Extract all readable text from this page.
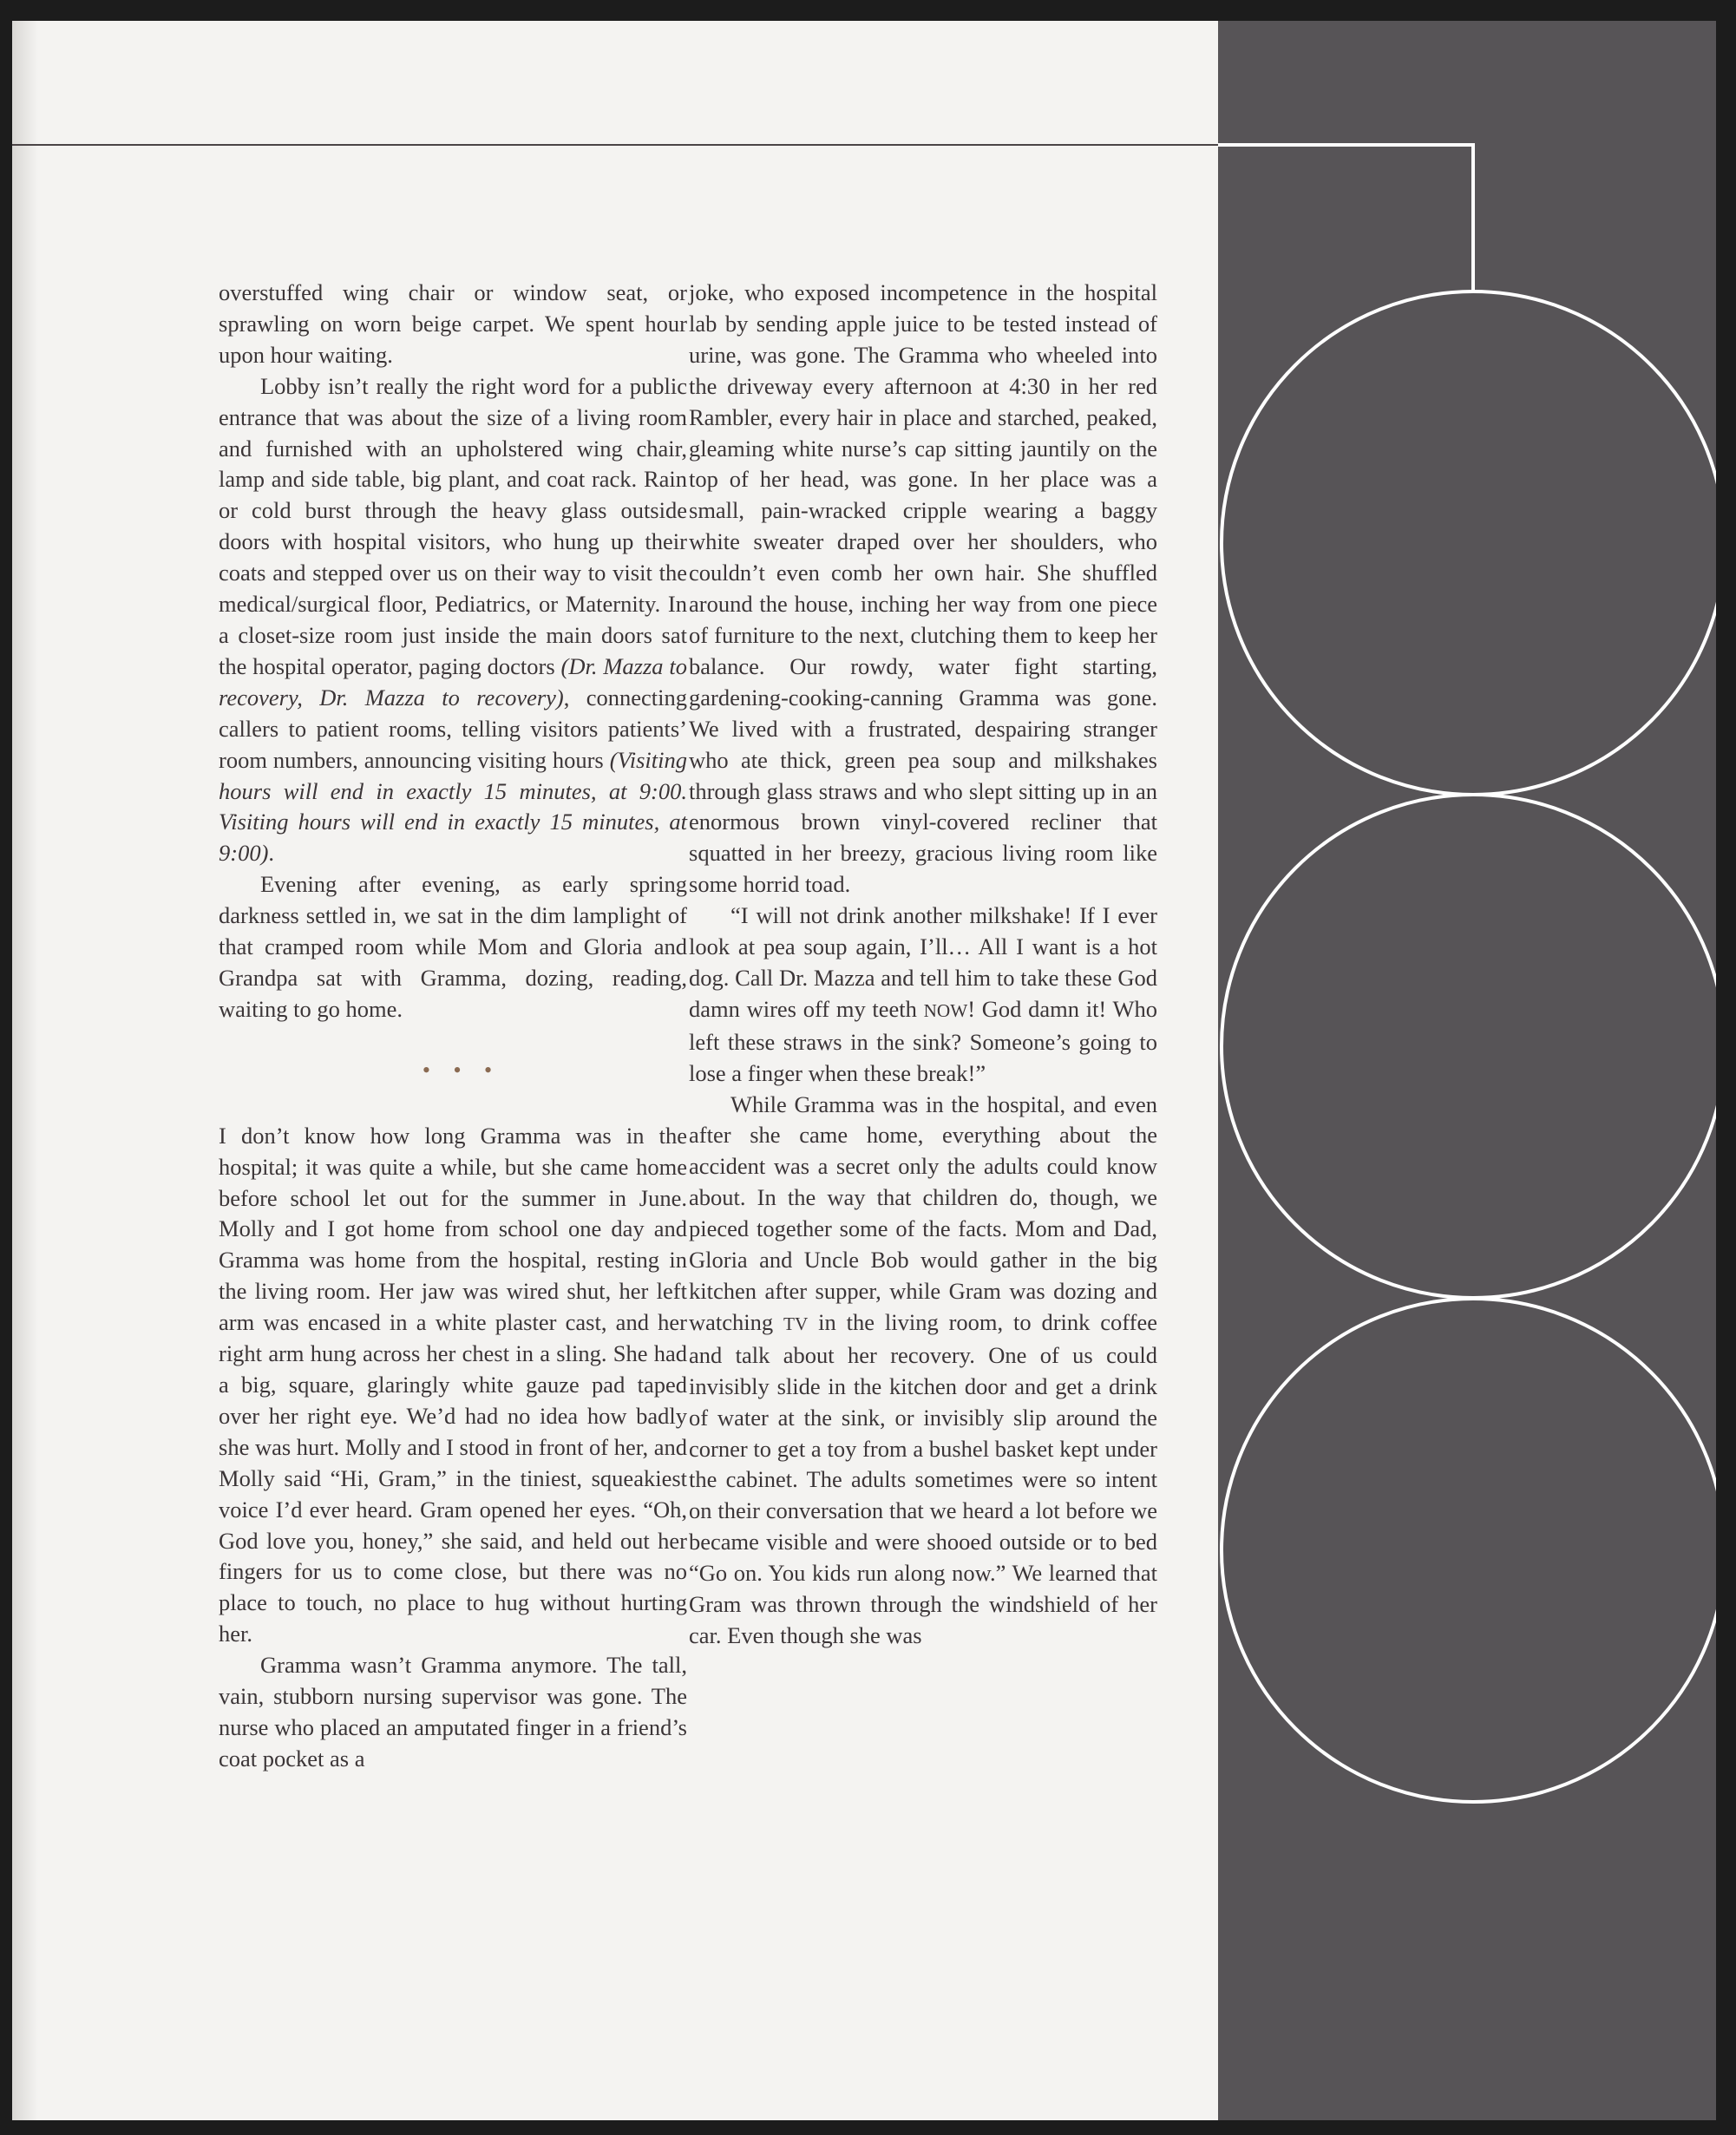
overstuffed wing chair or window seat, or sprawling on worn beige carpet. We spent hour upon hour waiting.

Lobby isn’t really the right word for a public entrance that was about the size of a living room and furnished with an upholstered wing chair, lamp and side table, big plant, and coat rack. Rain or cold burst through the heavy glass outside doors with hospital visitors, who hung up their coats and stepped over us on their way to visit the medical/surgical floor, Pediatrics, or Maternity. In a closet-size room just inside the main doors sat the hospital operator, paging doctors (Dr. Mazza to recovery, Dr. Mazza to recovery), connecting callers to patient rooms, telling visitors patients’ room numbers, announcing visiting hours (Visiting hours will end in exactly 15 minutes, at 9:00. Visiting hours will end in exactly 15 minutes, at 9:00).

Evening after evening, as early spring darkness settled in, we sat in the dim lamplight of that cramped room while Mom and Gloria and Grandpa sat with Gramma, dozing, reading, waiting to go home.

• • •

I don’t know how long Gramma was in the hospital; it was quite a while, but she came home before school let out for the summer in June. Molly and I got home from school one day and Gramma was home from the hospital, resting in the living room. Her jaw was wired shut, her left arm was encased in a white plaster cast, and her right arm hung across her chest in a sling. She had a big, square, glaringly white gauze pad taped over her right eye. We’d had no idea how badly she was hurt. Molly and I stood in front of her, and Molly said “Hi, Gram,” in the tiniest, squeakiest voice I’d ever heard. Gram opened her eyes. “Oh, God love you, honey,” she said, and held out her fingers for us to come close, but there was no place to touch, no place to hug without hurting her.

Gramma wasn’t Gramma anymore. The tall, vain, stubborn nursing supervisor was gone. The nurse who placed an amputated finger in a friend’s coat pocket as a

joke, who exposed incompetence in the hospital lab by sending apple juice to be tested instead of urine, was gone. The Gramma who wheeled into the driveway every afternoon at 4:30 in her red Rambler, every hair in place and starched, peaked, gleaming white nurse’s cap sitting jauntily on the top of her head, was gone. In her place was a small, pain-wracked cripple wearing a baggy white sweater draped over her shoulders, who couldn’t even comb her own hair. She shuffled around the house, inching her way from one piece of furniture to the next, clutching them to keep her balance. Our rowdy, water fight starting, gardening-cooking-canning Gramma was gone. We lived with a frustrated, despairing stranger who ate thick, green pea soup and milkshakes through glass straws and who slept sitting up in an enormous brown vinyl-covered recliner that squatted in her breezy, gracious living room like some horrid toad.

“I will not drink another milkshake! If I ever look at pea soup again, I’ll… All I want is a hot dog. Call Dr. Mazza and tell him to take these God damn wires off my teeth NOW! God damn it! Who left these straws in the sink? Someone’s going to lose a finger when these break!”

While Gramma was in the hospital, and even after she came home, everything about the accident was a secret only the adults could know about. In the way that children do, though, we pieced together some of the facts. Mom and Dad, Gloria and Uncle Bob would gather in the big kitchen after supper, while Gram was dozing and watching TV in the living room, to drink coffee and talk about her recovery. One of us could invisibly slide in the kitchen door and get a drink of water at the sink, or invisibly slip around the corner to get a toy from a bushel basket kept under the cabinet. The adults sometimes were so intent on their conversation that we heard a lot before we became visible and were shooed outside or to bed “Go on. You kids run along now.” We learned that Gram was thrown through the windshield of her car. Even though she was
